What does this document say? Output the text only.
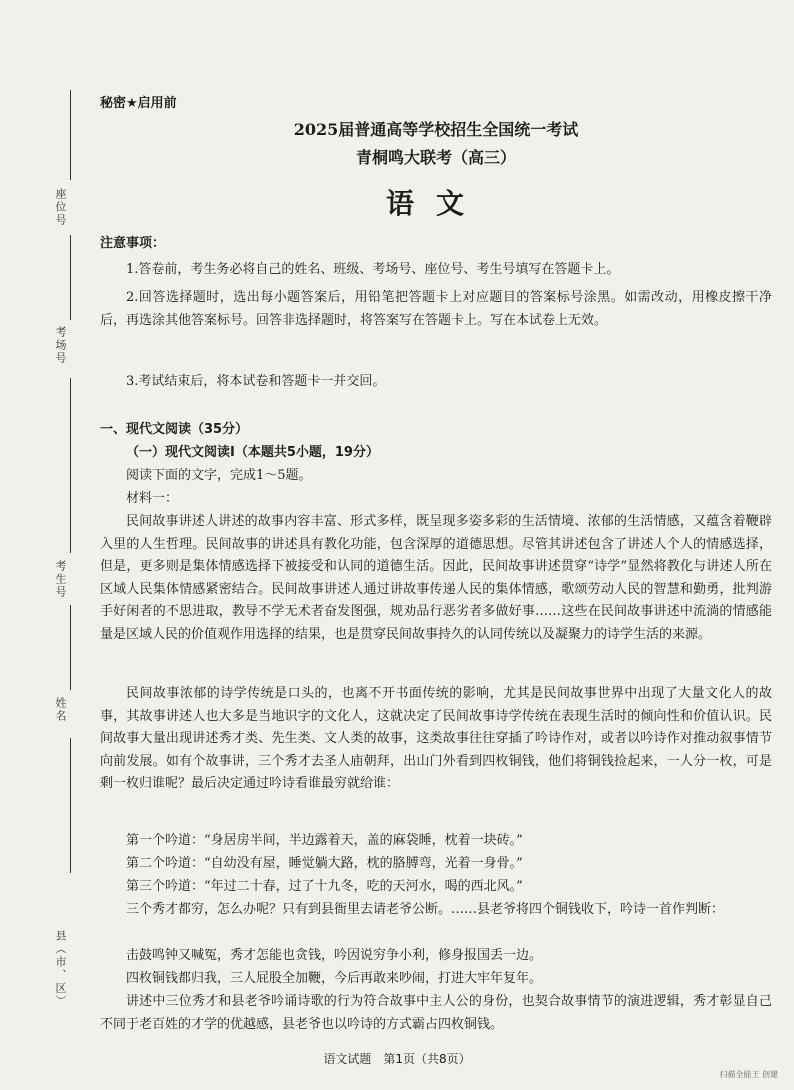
座位号
考场号
考生号
姓名
县（市、区）
秘密★启用前
2025届普通高等学校招生全国统一考试
青桐鸣大联考（高三）
语文
注意事项：

1.答卷前，考生务必将自己的姓名、班级、考场号、座位号、考生号填写在答题卡上。

2.回答选择题时，选出每小题答案后，用铅笔把答题卡上对应题目的答案标号涂黑。如需改动，用橡皮擦干净后，再选涂其他答案标号。回答非选择题时，将答案写在答题卡上。写在本试卷上无效。

3.考试结束后，将本试卷和答题卡一并交回。

一、现代文阅读（35分）
（一）现代文阅读Ⅰ（本题共5小题，19分）
阅读下面的文字，完成1～5题。
材料一：

民间故事讲述人讲述的故事内容丰富、形式多样，既呈现多姿多彩的生活情境、浓郁的生活情感，又蕴含着鞭辟入里的人生哲理。民间故事的讲述具有教化功能，包含深厚的道德思想。尽管其讲述包含了讲述人个人的情感选择，但是，更多则是集体情感选择下被接受和认同的道德生活。因此，民间故事讲述贯穿“诗学”显然将教化与讲述人所在区域人民集体情感紧密结合。民间故事讲述人通过讲故事传递人民的集体情感，歌颂劳动人民的智慧和勤勇，批判游手好闲者的不思进取，教导不学无术者奋发图强，规劝品行恶劣者多做好事……这些在民间故事讲述中流淌的情感能量是区域人民的价值观作用选择的结果，也是贯穿民间故事持久的认同传统以及凝聚力的诗学生活的来源。

民间故事浓郁的诗学传统是口头的，也离不开书面传统的影响，尤其是民间故事世界中出现了大量文化人的故事，其故事讲述人也大多是当地识字的文化人，这就决定了民间故事诗学传统在表现生活时的倾向性和价值认识。民间故事大量出现讲述秀才类、先生类、文人类的故事，这类故事往往穿插了吟诗作对，或者以吟诗作对推动叙事情节向前发展。如有个故事讲，三个秀才去圣人庙朝拜，出山门外看到四枚铜钱，他们将铜钱捡起来，一人分一枚，可是剩一枚归谁呢？最后决定通过吟诗看谁最穷就给谁：

第一个吟道：“身居房半间，半边露着天，盖的麻袋睡，枕着一块砖。”

第二个吟道：“自幼没有屋，睡觉躺大路，枕的胳膊弯，光着一身骨。”

第三个吟道：“年过二十春，过了十九冬，吃的天河水，喝的西北风。”

三个秀才都穷，怎么办呢？只有到县衙里去请老爷公断。……县老爷将四个铜钱收下，吟诗一首作判断：

击鼓鸣钟又喊冤，秀才怎能也贪钱，吟因说穷争小利，修身报国丢一边。

四枚铜钱都归我，三人屁股全加鞭，今后再敢来吵闹，打进大牢年复年。

讲述中三位秀才和县老爷吟诵诗歌的行为符合故事中主人公的身份，也契合故事情节的演进逻辑，秀才彰显自己不同于老百姓的才学的优越感，县老爷也以吟诗的方式霸占四枚铜钱。

语文试题　第1页（共8页）
扫描全能王 创建
